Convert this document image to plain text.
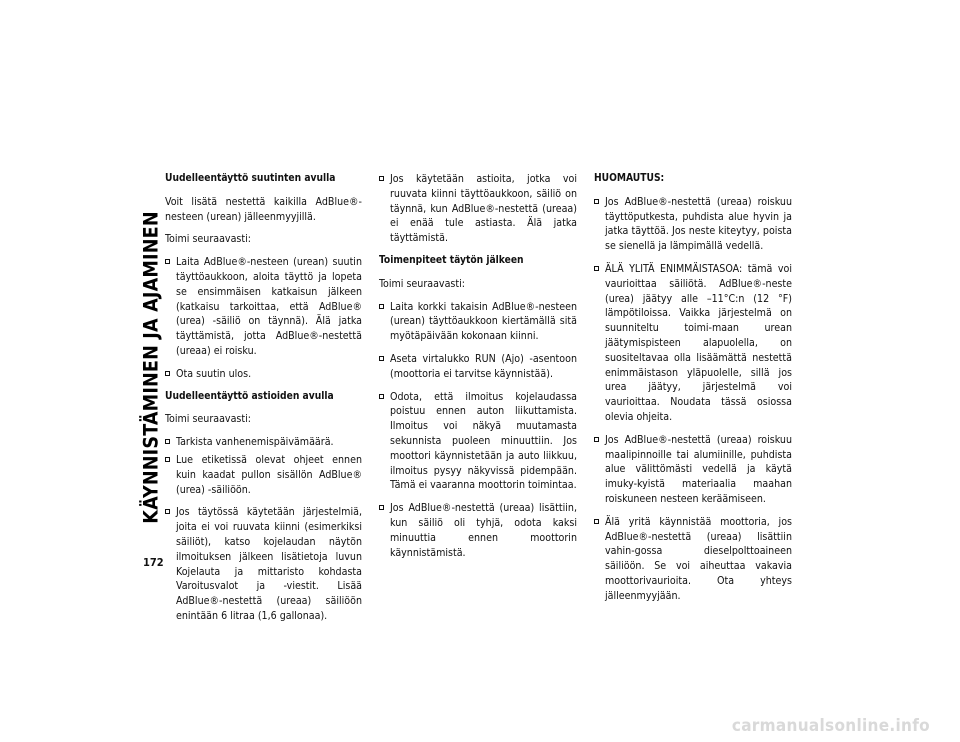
KÄYNNISTÄMINEN JA AJAMINEN
172
Uudelleentäyttö suutinten avulla
Voit lisätä nestettä kaikilla AdBlue®-nesteen (urean) jälleenmyyjillä.
Toimi seuraavasti:
Laita AdBlue®-nesteen (urean) suutin täyttöaukkoon, aloita täyttö ja lopeta se ensimmäisen katkaisun jälkeen (katkaisu tarkoittaa, että AdBlue® (urea) -säiliö on täynnä). Älä jatka täyttämistä, jotta AdBlue®-nestettä (ureaa) ei roisku.
Ota suutin ulos.
Uudelleentäyttö astioiden avulla
Toimi seuraavasti:
Tarkista vanhenemispäivämäärä.
Lue etiketissä olevat ohjeet ennen kuin kaadat pullon sisällön AdBlue® (urea) -säiliöön.
Jos täytössä käytetään järjestelmiä, joita ei voi ruuvata kiinni (esimerkiksi säiliöt), katso kojelaudan näytön ilmoituksen jälkeen lisätietoja luvun Kojelauta ja mittaristo kohdasta Varoitusvalot ja -viestit. Lisää AdBlue®-nestettä (ureaa) säiliöön enintään 6 litraa (1,6 gallonaa).
Jos käytetään astioita, jotka voi ruuvata kiinni täyttöaukkoon, säiliö on täynnä, kun AdBlue®-nestettä (ureaa) ei enää tule astiasta. Älä jatka täyttämistä.
Toimenpiteet täytön jälkeen
Toimi seuraavasti:
Laita korkki takaisin AdBlue®-nesteen (urean) täyttöaukkoon kiertämällä sitä myötäpäivään kokonaan kiinni.
Aseta virtalukko RUN (Ajo) -asentoon (moottoria ei tarvitse käynnistää).
Odota, että ilmoitus kojelaudassa poistuu ennen auton liikuttamista. Ilmoitus voi näkyä muutamasta sekunnista puoleen minuuttiin. Jos moottori käynnistetään ja auto liikkuu, ilmoitus pysyy näkyvissä pidempään. Tämä ei vaaranna moottorin toimintaa.
Jos AdBlue®-nestettä (ureaa) lisättiin, kun säiliö oli tyhjä, odota kaksi minuuttia ennen moottorin käynnistämistä.
HUOMAUTUS:
Jos AdBlue®-nestettä (ureaa) roiskuu täyttöputkesta, puhdista alue hyvin ja jatka täyttöä. Jos neste kiteytyy, poista se sienellä ja lämpimällä vedellä.
ÄLÄ YLITÄ ENIMMÄISTASOA: tämä voi vaurioittaa säiliötä. AdBlue®-neste (urea) jäätyy alle –11°C:n (12 °F) lämpötiloissa. Vaikka järjestelmä on suunniteltu toimi-maan urean jäätymispisteen alapuolella, on suositeltavaa olla lisäämättä nestettä enimmäistason yläpuolelle, sillä jos urea jäätyy, järjestelmä voi vaurioittaa. Noudata tässä osiossa olevia ohjeita.
Jos AdBlue®-nestettä (ureaa) roiskuu maalipinnoille tai alumiinille, puhdista alue välittömästi vedellä ja käytä imuky-kyistä materiaalia maahan roiskuneen nesteen keräämiseen.
Älä yritä käynnistää moottoria, jos AdBlue®-nestettä (ureaa) lisättiin vahin-gossa dieselpolttoaineen säiliöön. Se voi aiheuttaa vakavia moottorivaurioita. Ota yhteys jälleenmyyjään.
carmanualsonline.info
